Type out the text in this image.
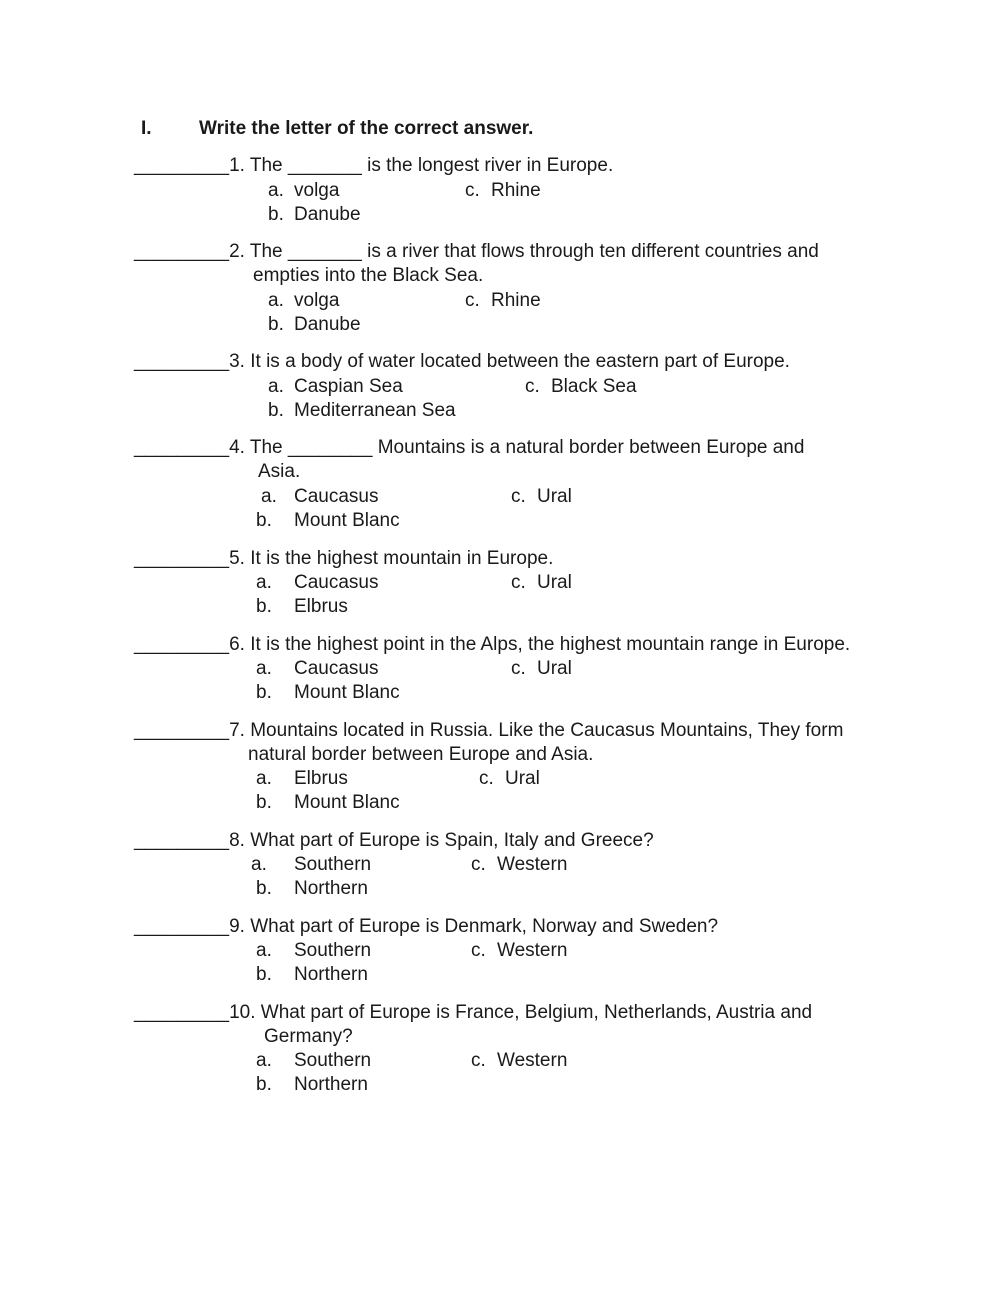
I. Write the letter of the correct answer.
_________1. The _______ is the longest river in Europe.
a. volga	c. Rhine
b. Danube
_________2. The _______ is a river that flows through ten different countries and
empties into the Black Sea.
a. volga	c. Rhine
b. Danube
_________3. It is a body of water located between the eastern part of Europe.
a. Caspian Sea	c. Black Sea
b. Mediterranean Sea
_________4. The ________ Mountains is a natural border between Europe and
Asia.
a. Caucasus	c. Ural
b. Mount Blanc
_________5. It is the highest mountain in Europe.
a. Caucasus	c. Ural
b. Elbrus
_________6. It is the highest point in the Alps, the highest mountain range in Europe.
a. Caucasus	c. Ural
b. Mount Blanc
_________7. Mountains located in Russia. Like the Caucasus Mountains, They form
natural border between Europe and Asia.
a. Elbrus	c. Ural
b. Mount Blanc
_________8. What part of Europe is Spain, Italy and Greece?
a. Southern	c. Western
b. Northern
_________9. What part of Europe is Denmark, Norway and Sweden?
a. Southern	c. Western
b. Northern
_________10. What part of Europe is France, Belgium, Netherlands, Austria and
Germany?
a. Southern	c. Western
b. Northern
